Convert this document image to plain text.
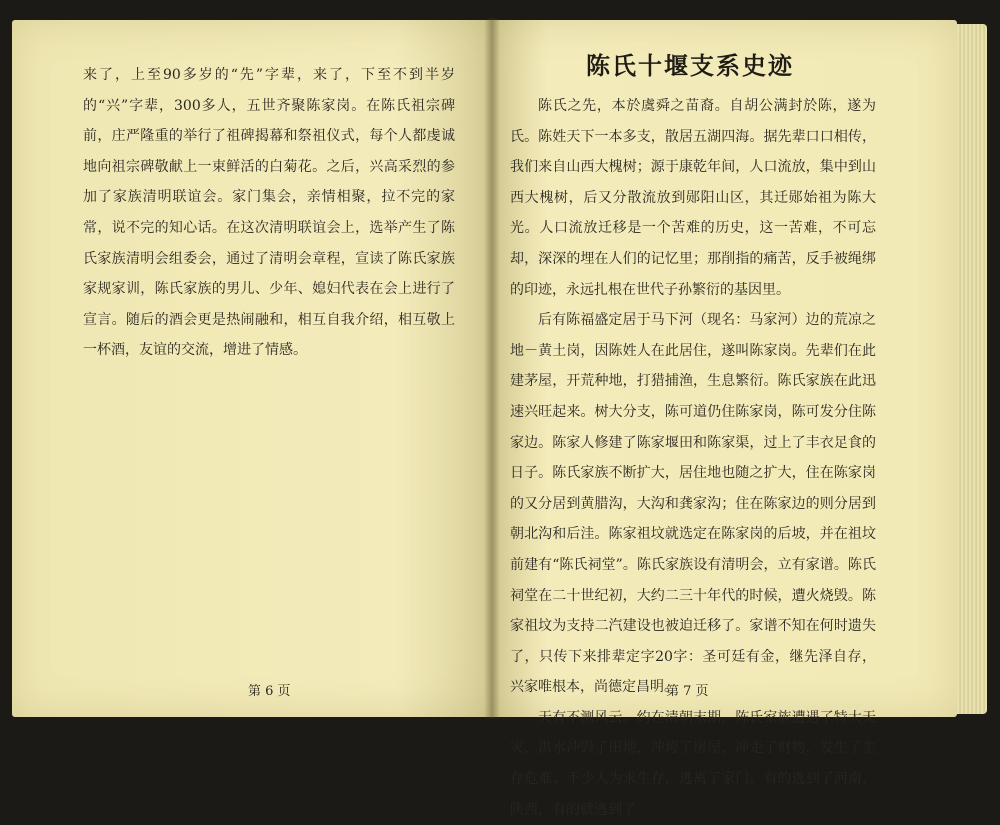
来了，上至90多岁的“先”字辈，来了，下至不到半岁的“兴”字辈，300多人，五世齐聚陈家岗。在陈氏祖宗碑前，庄严隆重的举行了祖碑揭幕和祭祖仪式，每个人都虔诚地向祖宗碑敬献上一束鲜活的白菊花。之后，兴高采烈的参加了家族清明联谊会。家门集会，亲情相聚，拉不完的家常，说不完的知心话。在这次清明联谊会上，选举产生了陈氏家族清明会组委会，通过了清明会章程，宣读了陈氏家族家规家训，陈氏家族的男儿、少年、媳妇代表在会上进行了宣言。随后的酒会更是热闹融和，相互自我介绍，相互敬上一杯酒，友谊的交流，增进了情感。

陈氏十堰支系史迹

陈氏之先，本於虞舜之苗裔。自胡公满封於陈，遂为氏。陈姓天下一本多支，散居五湖四海。据先辈口口相传，我们来自山西大槐树；源于康乾年间，人口流放，集中到山西大槐树，后又分散流放到郧阳山区，其迁郧始祖为陈大光。人口流放迁移是一个苦难的历史，这一苦难，不可忘却，深深的埋在人们的记忆里；那削指的痛苦，反手被绳绑的印迹，永远扎根在世代子孙繁衍的基因里。

后有陈福盛定居于马下河（现名：马家河）边的荒凉之地－黄土岗，因陈姓人在此居住，遂叫陈家岗。先辈们在此建茅屋，开荒种地，打猎捕渔，生息繁衍。陈氏家族在此迅速兴旺起来。树大分支，陈可道仍住陈家岗，陈可发分住陈家边。陈家人修建了陈家堰田和陈家渠，过上了丰衣足食的日子。陈氏家族不断扩大，居住地也随之扩大，住在陈家岗的又分居到黄腊沟，大沟和龚家沟；住在陈家边的则分居到朝北沟和后洼。陈家祖坟就选定在陈家岗的后坡，并在祖坟前建有“陈氏祠堂”。陈氏家族设有清明会，立有家谱。陈氏祠堂在二十世纪初，大约二三十年代的时候，遭火烧毁。陈家祖坟为支持二汽建设也被迫迁移了。家谱不知在何时遗失了，只传下来排辈定字20字：圣可廷有金，继先泽自存，兴家唯根本，尚德定昌明。

天有不测风云。约在清朝末期，陈氏家族遭遇了特大天灾，洪水冲毁了田地，冲垮了房屋，冲走了财物，发生了生存危难；不少人为求生存，逃离了家门。有的逃到了河南，陕西，有的就逃到了

第 6 页	第 7 页
